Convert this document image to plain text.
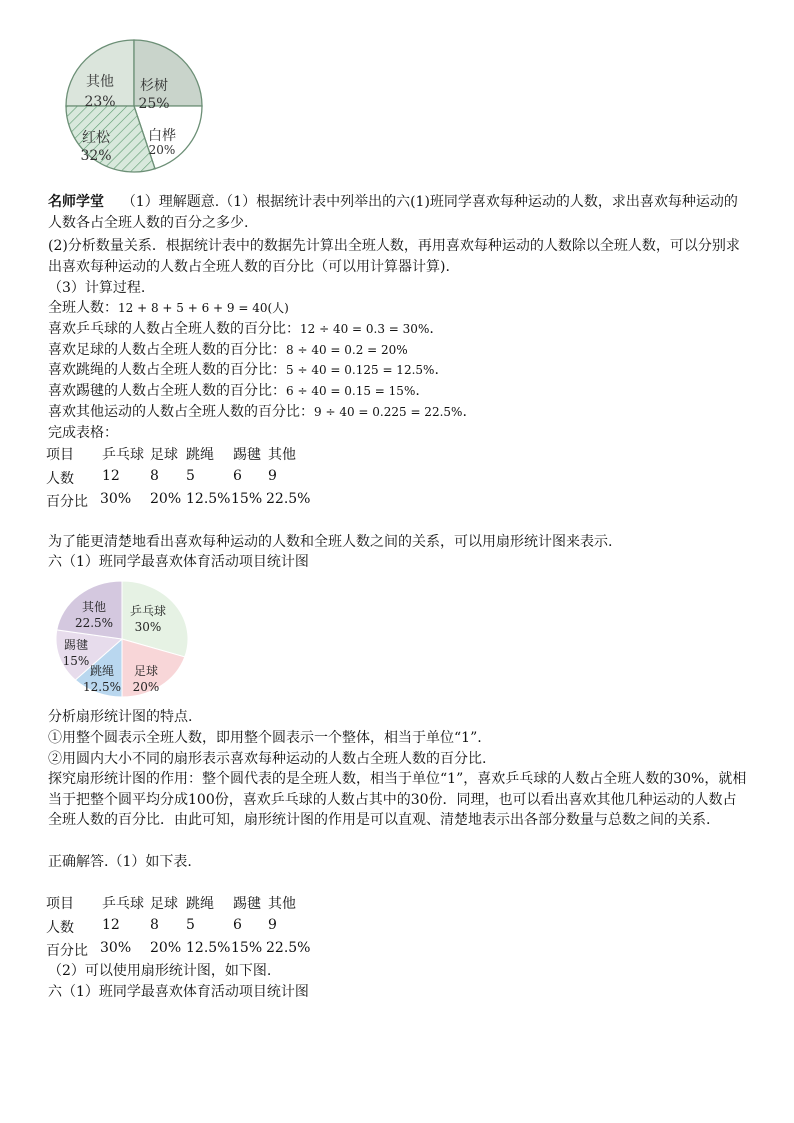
其他
23%
杉树
25%
白桦
20%
红松
32%
名师学堂 （1）理解题意.（1）根据统计表中列举出的六(1)班同学喜欢每种运动的人数，求出喜欢每种运动的人数各占全班人数的百分之多少.
(2)分析数量关系．根据统计表中的数据先计算出全班人数，再用喜欢每种运动的人数除以全班人数，可以分别求出喜欢每种运动的人数占全班人数的百分比（可以用计算器计算).
（3）计算过程.
全班人数：12 + 8 + 5 + 6 + 9 = 40(人)
喜欢乒乓球的人数占全班人数的百分比：12 ÷ 40 = 0.3 = 30%.
喜欢足球的人数占全班人数的百分比：8 ÷ 40 = 0.2 = 20%
喜欢跳绳的人数占全班人数的百分比：5 ÷ 40 = 0.125 = 12.5%.
喜欢踢毽的人数占全班人数的百分比：6 ÷ 40 = 0.15 = 15%.
喜欢其他运动的人数占全班人数的百分比：9 ÷ 40 = 0.225 = 22.5%.
完成表格：
项目 乒乓球 足球 跳绳 踢毽 其他
人数 12 8 5	6 9
百分比 30% 20% 12.5% 15% 22.5%
为了能更清楚地看出喜欢每种运动的人数和全班人数之间的关系，可以用扇形统计图来表示.
六（1）班同学最喜欢体育活动项目统计图
乒乓球
30%
足球
20%
跳绳
12.5%
踢毽
15%
其他
22.5%
分析扇形统计图的特点.
①用整个圆表示全班人数，即用整个圆表示一个整体，相当于单位“1”.
②用圆内大小不同的扇形表示喜欢每种运动的人数占全班人数的百分比.
探究扇形统计图的作用：整个圆代表的是全班人数，相当于单位“1”，喜欢乒乓球的人数占全班人数的30%，就相当于把整个圆平均分成100份，喜欢乒乓球的人数占其中的30份．同理，也可以看出喜欢其他几种运动的人数占全班人数的百分比．由此可知，扇形统计图的作用是可以直观、清楚地表示出各部分数量与总数之间的关系.
正确解答.（1）如下表.
项目 乒乓球 足球 跳绳 踢毽 其他
人数 12 8 5	6 9
百分比 30% 20% 12.5% 15% 22.5%
（2）可以使用扇形统计图，如下图.
六（1）班同学最喜欢体育活动项目统计图
